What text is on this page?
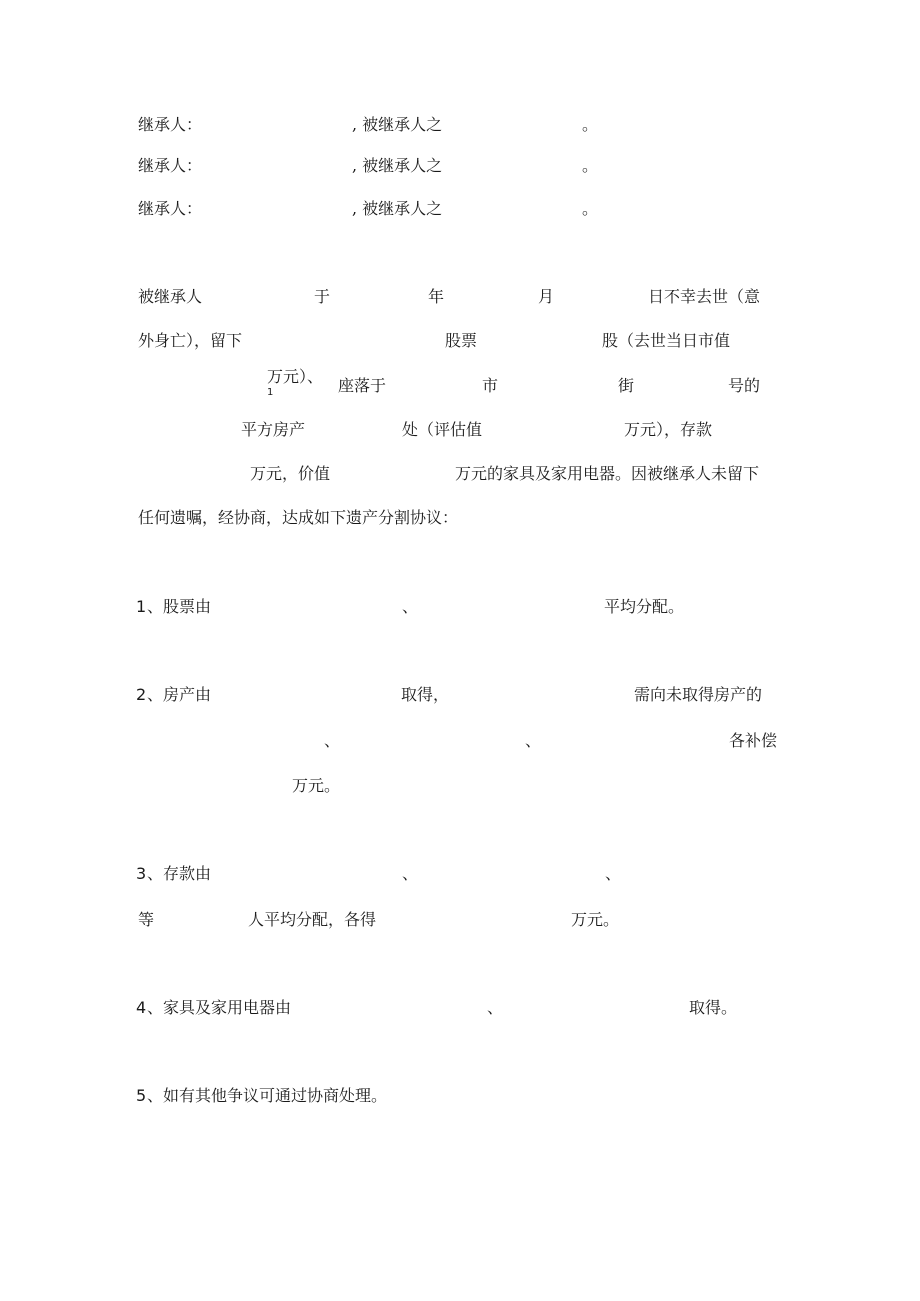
继承人：	, 被继承人之	。
继承人：	, 被继承人之	。
继承人：	, 被继承人之	。
被继承人	于	年	月	日不幸去世（意
外身亡），留下	股票	股（去世当日市值
万元）、
1	座落于	市	街	号的
平方房产	处（评估值	万元），存款
万元，价值	万元的家具及家用电器。因被继承人未留下
任何遗嘱，经协商，达成如下遗产分割协议：
1 、股票由	、	平均分配。
2 、房产由	取得，	需向未取得房产的
、	、	各补偿
万元。
3 、存款由	、	、
等	人平均分配，各得	万元。
4 、家具及家用电器由	、	取得。
5 、如有其他争议可通过协商处理。
